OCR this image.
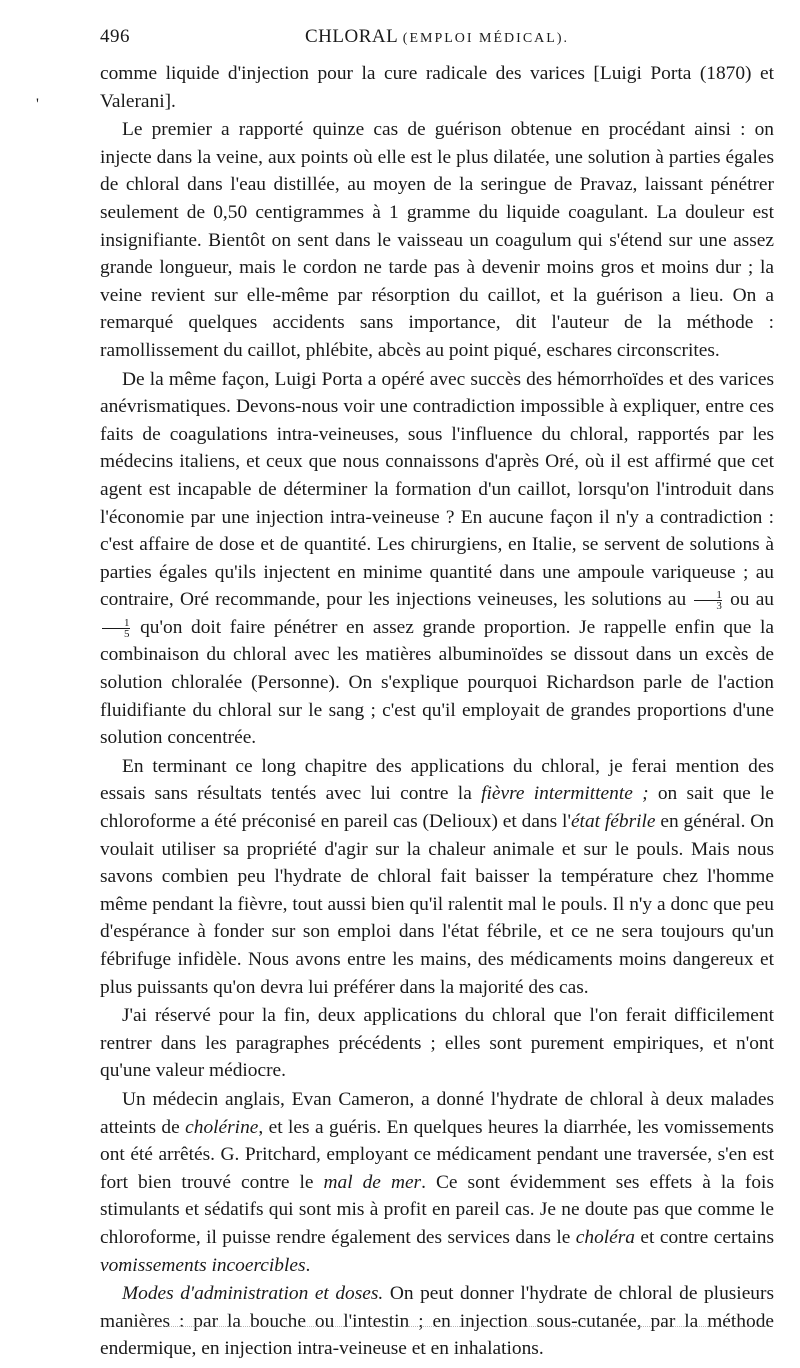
496	CHLORAL (EMPLOI MÉDICAL).
'

comme liquide d'injection pour la cure radicale des varices [Luigi Porta (1870) et Valerani].

Le premier a rapporté quinze cas de guérison obtenue en procédant ainsi : on injecte dans la veine, aux points où elle est le plus dilatée, une solution à parties égales de chloral dans l'eau distillée, au moyen de la seringue de Pravaz, laissant pénétrer seulement de 0,50 centigrammes à 1 gramme du liquide coagulant. La douleur est insignifiante. Bientôt on sent dans le vaisseau un coagulum qui s'étend sur une assez grande longueur, mais le cordon ne tarde pas à devenir moins gros et moins dur ; la veine revient sur elle-même par résorption du caillot, et la guérison a lieu. On a remarqué quelques accidents sans importance, dit l'auteur de la méthode : ramollissement du caillot, phlébite, abcès au point piqué, eschares circonscrites.

De la même façon, Luigi Porta a opéré avec succès des hémorrhoïdes et des varices anévrismatiques. Devons-nous voir une contradiction impossible à expliquer, entre ces faits de coagulations intra-veineuses, sous l'influence du chloral, rapportés par les médecins italiens, et ceux que nous connaissons d'après Oré, où il est affirmé que cet agent est incapable de déterminer la formation d'un caillot, lorsqu'on l'introduit dans l'économie par une injection intra-veineuse ? En aucune façon il n'y a contradiction : c'est affaire de dose et de quantité. Les chirurgiens, en Italie, se servent de solutions à parties égales qu'ils injectent en minime quantité dans une ampoule variqueuse ; au contraire, Oré recommande, pour les injections veineuses, les solutions au $\frac{1}{3}$ ou au
$\frac{1}{5} qu'on$ doit faire pénétrer en assez grande proportion. Je rappelle enfin que la combinaison du chloral avec les matières albuminoïdes se dissout dans un excès de solution chloralée (Personne). On s'explique pourquoi Richardson parle de l'action fluidifiante du chloral sur le sang ; c'est qu'il employait de grandes proportions d'une solution concentrée.

En terminant ce long chapitre des applications du chloral, je ferai mention des essais sans résultats tentés avec lui contre la fièvre intermittente ; on sait que le chloroforme a été préconisé en pareil cas (Delioux) et dans l'état fébrile en général. On voulait utiliser sa propriété d'agir sur la chaleur animale et sur le pouls. Mais nous savons combien peu l'hydrate de chloral fait baisser la température chez l'homme même pendant la fièvre, tout aussi bien qu'il ralentit mal le pouls. Il n'y a donc que peu d'espérance à fonder sur son emploi dans l'état fébrile, et ce ne sera toujours qu'un fébrifuge infidèle. Nous avons entre les mains, des médicaments moins dangereux et plus puissants qu'on devra lui préférer dans la majorité des cas.

J'ai réservé pour la fin, deux applications du chloral que l'on ferait difficilement rentrer dans les paragraphes précédents ; elles sont purement empiriques, et n'ont qu'une valeur médiocre.

Un médecin anglais, Evan Cameron, a donné l'hydrate de chloral à deux malades atteints de cholérine, et les a guéris. En quelques heures la diarrhée, les vomissements ont été arrêtés. G. Pritchard, employant ce médicament pendant une traversée, s'en est fort bien trouvé contre le mal de mer. Ce sont évidemment ses effets à la fois stimulants et sédatifs qui sont mis à profit en pareil cas. Je ne doute pas que comme le chloroforme, il puisse rendre également des services dans le choléra et contre certains vomissements incoercibles.

Modes d'administration et doses. On peut donner l'hydrate de chloral de plusieurs manières : par la bouche ou l'intestin ; en injection sous-cutanée, par la méthode endermique, en injection intra-veineuse et en inhalations.
